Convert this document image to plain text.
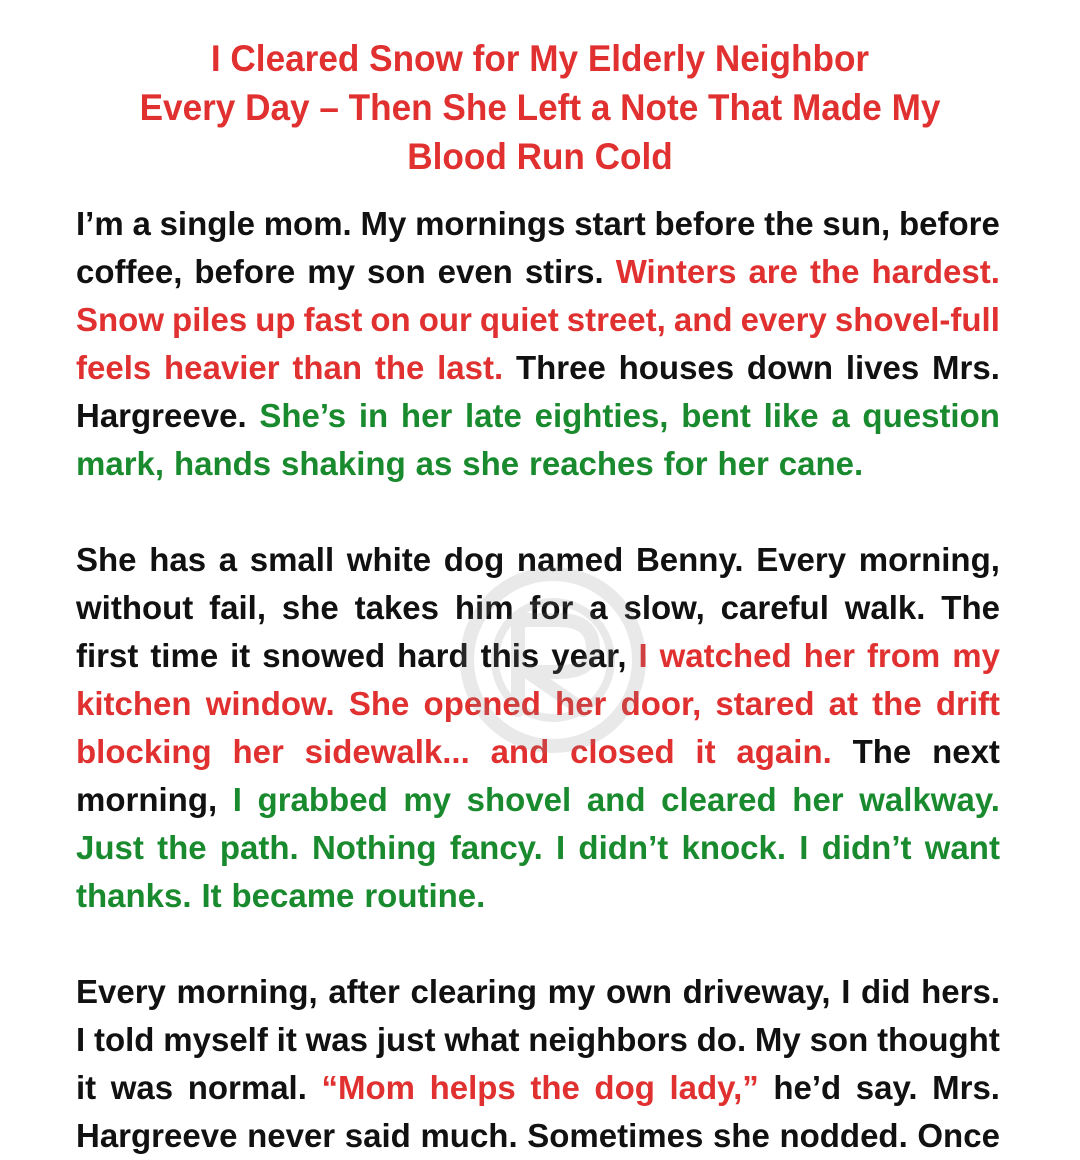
I Cleared Snow for My Elderly Neighbor
Every Day – Then She Left a Note That Made My
Blood Run Cold
I’m a single mom. My mornings start before the sun, before
coffee, before my son even stirs. Winters are the hardest.
Snow piles up fast on our quiet street, and every shovel-full
feels heavier than the last. Three houses down lives Mrs.
Hargreeve. She’s in her late eighties, bent like a question
mark, hands shaking as she reaches for her cane.
She has a small white dog named Benny. Every morning,
without fail, she takes him for a slow, careful walk. The
first time it snowed hard this year, I watched her from my
kitchen window. She opened her door, stared at the drift
blocking her sidewalk... and closed it again. The next
morning, I grabbed my shovel and cleared her walkway.
Just the path. Nothing fancy. I didn’t knock. I didn’t want
thanks. It became routine.
Every morning, after clearing my own driveway, I did hers.
I told myself it was just what neighbors do. My son thought
it was normal. “Mom helps the dog lady,” he’d say. Mrs.
Hargreeve never said much. Sometimes she nodded. Once
